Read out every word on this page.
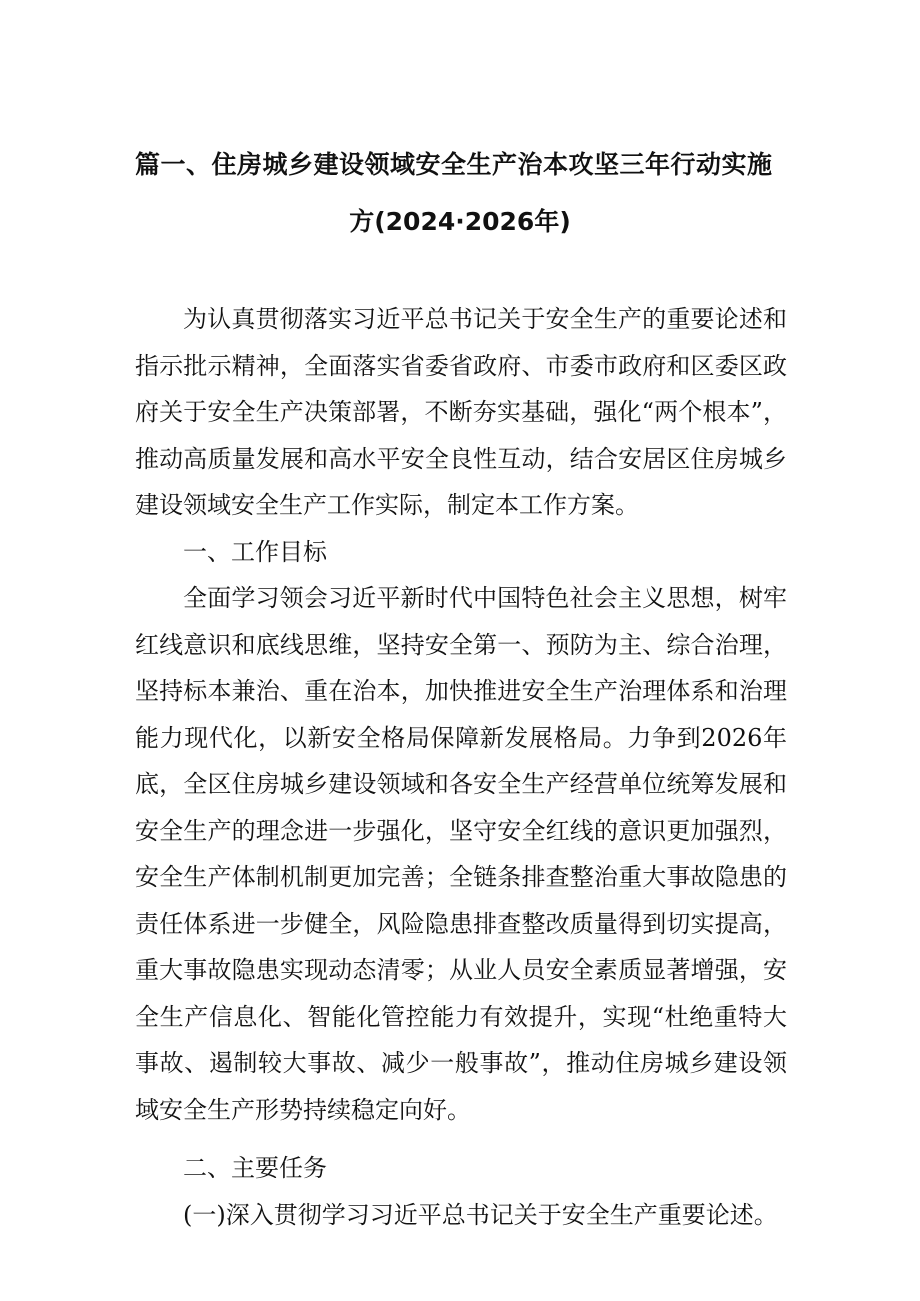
篇一、住房城乡建设领域安全生产治本攻坚三年行动实施
方(2024·2026年)

为认真贯彻落实习近平总书记关于安全生产的重要论述和指示批示精神，全面落实省委省政府、市委市政府和区委区政府关于安全生产决策部署，不断夯实基础，强化“两个根本”，推动高质量发展和高水平安全良性互动，结合安居区住房城乡建设领域安全生产工作实际，制定本工作方案。

一、工作目标

全面学习领会习近平新时代中国特色社会主义思想，树牢红线意识和底线思维，坚持安全第一、预防为主、综合治理，坚持标本兼治、重在治本，加快推进安全生产治理体系和治理能力现代化，以新安全格局保障新发展格局。力争到2026年底，全区住房城乡建设领域和各安全生产经营单位统筹发展和安全生产的理念进一步强化，坚守安全红线的意识更加强烈，安全生产体制机制更加完善；全链条排查整治重大事故隐患的责任体系进一步健全，风险隐患排查整改质量得到切实提高，重大事故隐患实现动态清零；从业人员安全素质显著增强，安全生产信息化、智能化管控能力有效提升，实现“杜绝重特大事故、遏制较大事故、减少一般事故”，推动住房城乡建设领域安全生产形势持续稳定向好。

二、主要任务

(一)深入贯彻学习习近平总书记关于安全生产重要论述。
